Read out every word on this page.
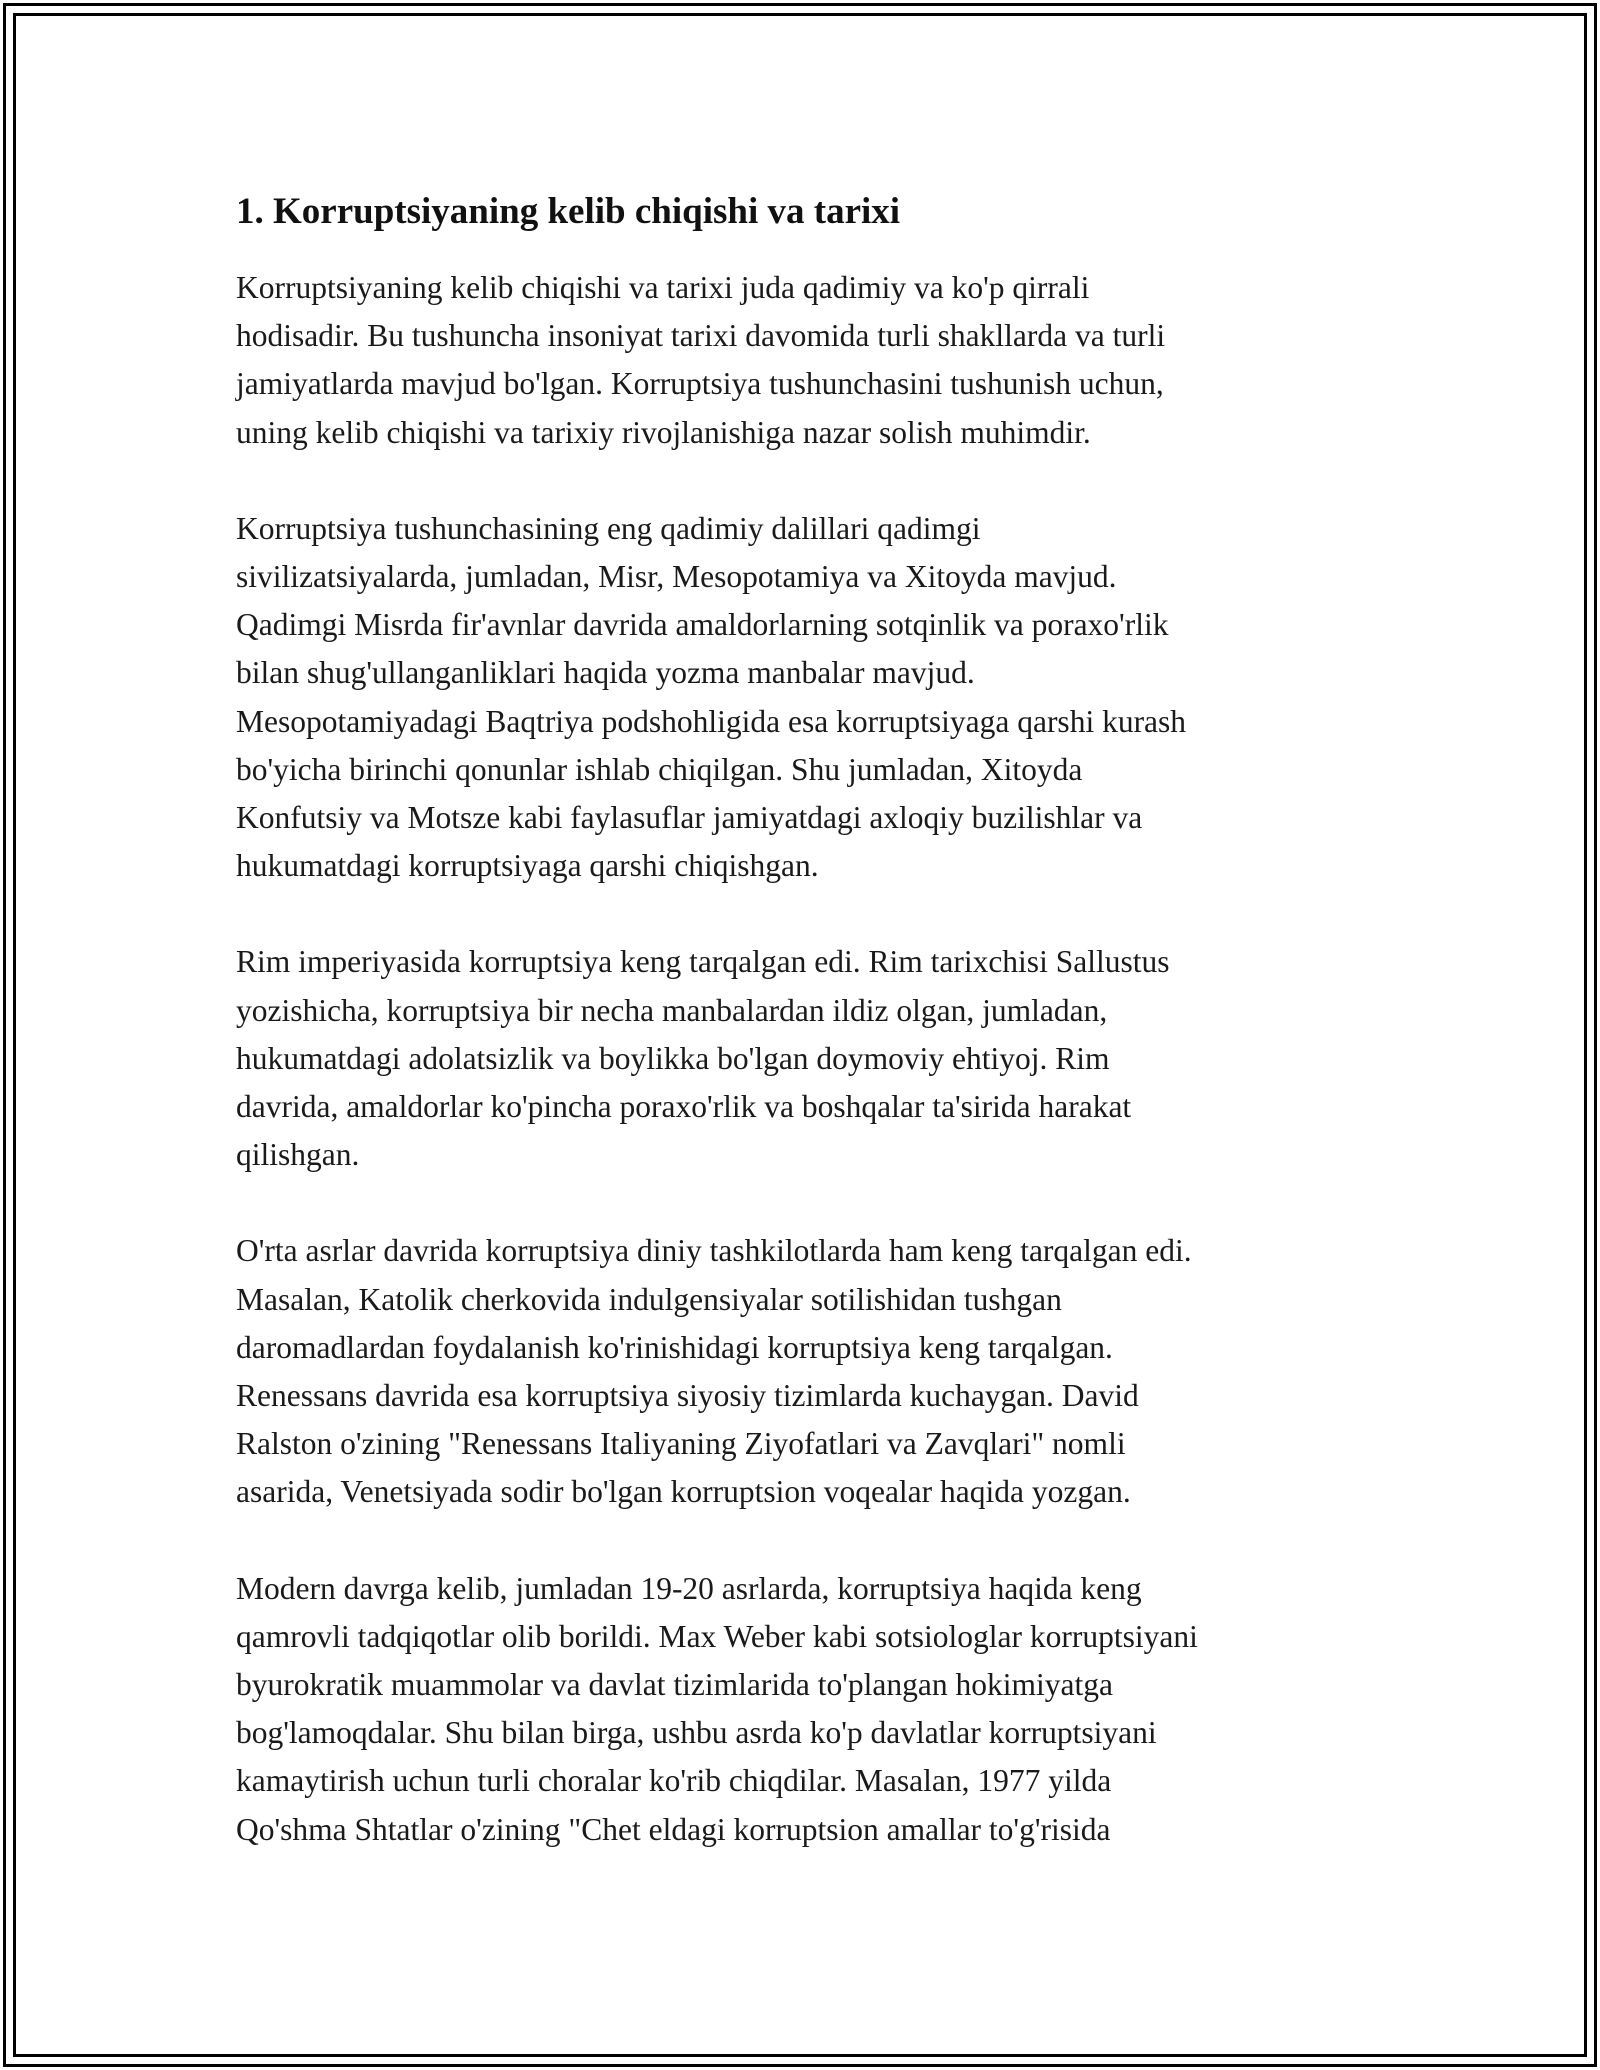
1. Korruptsiyaning kelib chiqishi va tarixi

Korruptsiyaning kelib chiqishi va tarixi juda qadimiy va ko'p qirrali
hodisadir. Bu tushuncha insoniyat tarixi davomida turli shakllarda va turli
jamiyatlarda mavjud bo'lgan. Korruptsiya tushunchasini tushunish uchun,
uning kelib chiqishi va tarixiy rivojlanishiga nazar solish muhimdir.

Korruptsiya tushunchasining eng qadimiy dalillari qadimgi
sivilizatsiyalarda, jumladan, Misr, Mesopotamiya va Xitoyda mavjud.
Qadimgi Misrda fir'avnlar davrida amaldorlarning sotqinlik va poraxo'rlik
bilan shug'ullanganliklari haqida yozma manbalar mavjud.
Mesopotamiyadagi Baqtriya podshohligida esa korruptsiyaga qarshi kurash
bo'yicha birinchi qonunlar ishlab chiqilgan. Shu jumladan, Xitoyda
Konfutsiy va Motsze kabi faylasuflar jamiyatdagi axloqiy buzilishlar va
hukumatdagi korruptsiyaga qarshi chiqishgan.

Rim imperiyasida korruptsiya keng tarqalgan edi. Rim tarixchisi Sallustus
yozishicha, korruptsiya bir necha manbalardan ildiz olgan, jumladan,
hukumatdagi adolatsizlik va boylikka bo'lgan doymoviy ehtiyoj. Rim
davrida, amaldorlar ko'pincha poraxo'rlik va boshqalar ta'sirida harakat
qilishgan.

O'rta asrlar davrida korruptsiya diniy tashkilotlarda ham keng tarqalgan edi.
Masalan, Katolik cherkovida indulgensiyalar sotilishidan tushgan
daromadlardan foydalanish ko'rinishidagi korruptsiya keng tarqalgan.
Renessans davrida esa korruptsiya siyosiy tizimlarda kuchaygan. David
Ralston o'zining "Renessans Italiyaning Ziyofatlari va Zavqlari" nomli
asarida, Venetsiyada sodir bo'lgan korruptsion voqealar haqida yozgan.

Modern davrga kelib, jumladan 19-20 asrlarda, korruptsiya haqida keng
qamrovli tadqiqotlar olib borildi. Max Weber kabi sotsiologlar korruptsiyani
byurokratik muammolar va davlat tizimlarida to'plangan hokimiyatga
bog'lamoqdalar. Shu bilan birga, ushbu asrda ko'p davlatlar korruptsiyani
kamaytirish uchun turli choralar ko'rib chiqdilar. Masalan, 1977 yilda
Qo'shma Shtatlar o'zining "Chet eldagi korruptsion amallar to'g'risida
